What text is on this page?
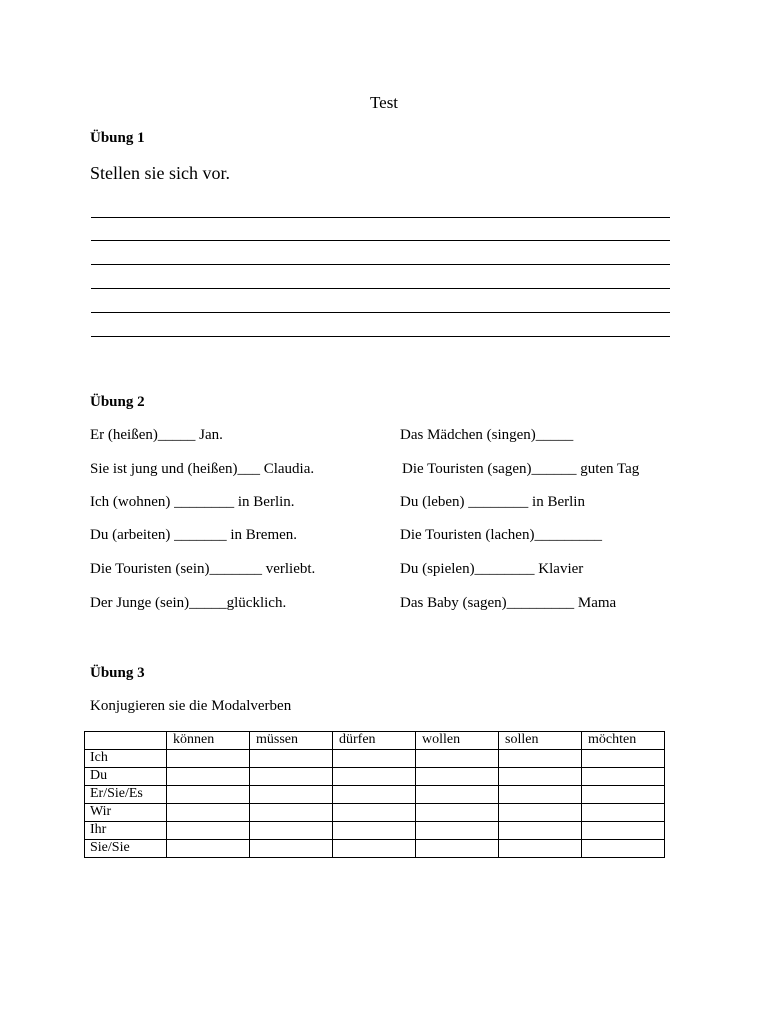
Test
Übung 1
Stellen sie sich vor.
Übung 2
Er (heißen)_____ Jan.
Sie ist jung und (heißen)___ Claudia.
Ich (wohnen) ________ in Berlin.
Du (arbeiten) _______ in Bremen.
Die Touristen (sein)_______ verliebt.
Der Junge (sein)_____glücklich.
Das Mädchen (singen)_____
Die Touristen (sagen)______ guten Tag
Du (leben) ________ in Berlin
Die Touristen (lachen)_________
Du (spielen)________ Klavier
Das Baby (sagen)_________ Mama
Übung 3
Konjugieren sie die Modalverben
	können	müssen	dürfen	wollen	sollen	möchten
Ich						
Du						
Er/Sie/Es						
Wir						
Ihr						
Sie/Sie						
